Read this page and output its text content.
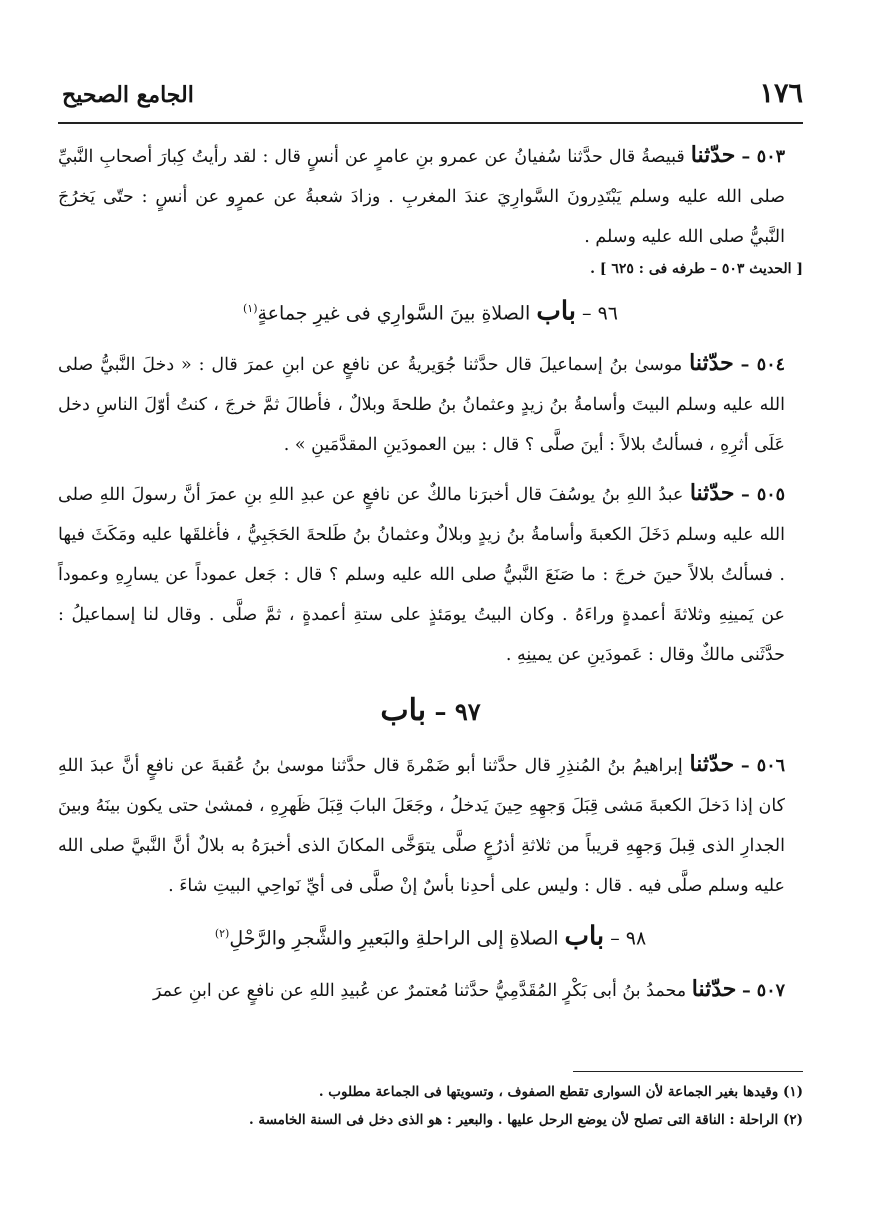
١٧٦
الجامع الصحيح

٥٠٣ – حدّثنا قبيصةُ قال حدَّثنا سُفيانُ عن عمرو بنِ عامرٍ عن أنسٍ قال : لقد رأيتُ كِبارَ أصحابِ النَّبيِّ صلى الله عليه وسلم يَبْتَدِرونَ السَّوارِيَ عندَ المغربِ . وزادَ شعبةُ عن عمرٍو عن أنسٍ : حتّى يَخرُجَ النَّبيُّ صلى الله عليه وسلم .

[ الحديث ٥٠٣ – طرفه فى : ٦٢٥ ] .

٩٦ – باب الصلاةِ بينَ السَّوارِي فى غيرِ جماعةٍ$^{(١)}$

٥٠٤ – حدّثنا موسىٰ بنُ إسماعيلَ قال حدَّثنا جُوَيريةُ عن نافعٍ عن ابنِ عمرَ قال : « دخلَ النَّبيُّ صلى الله عليه وسلم البيتَ وأسامةُ بنُ زيدٍ وعثمانُ بنُ طلحةَ وبلالٌ ، فأطالَ ثمَّ خرجَ ، كنتُ أوّلَ الناسِ دخل عَلَى أثرِهِ ، فسألتُ بلالاً : أينَ صلَّى ؟ قال : بين العمودَينِ المقدَّمَينِ » .

٥٠٥ – حدّثنا عبدُ اللهِ بنُ يوسُفَ قال أخبرَنا مالكٌ عن نافعٍ عن عبدِ اللهِ بنِ عمرَ أنَّ رسولَ اللهِ صلى الله عليه وسلم دَخَلَ الكعبةَ وأسامةُ بنُ زيدٍ وبلالٌ وعثمانُ بنُ طَلحةَ الحَجَبِيُّ ، فأغلقَها عليه ومَكَثَ فيها . فسألتُ بلالاً حينَ خرجَ : ما صَنَعَ النَّبيُّ صلى الله عليه وسلم ؟ قال : جَعل عموداً عن يسارِهِ وعموداً عن يَمينِهِ وثلاثةَ أعمدةٍ وراءَهُ . وكان البيتُ يومَئذٍ على ستةِ أعمدةٍ ، ثمَّ صلَّى . وقال لنا إسماعيلُ : حدَّثَنى مالكٌ وقال : عَمودَينِ عن يمينِهِ .

٩٧ – باب

٥٠٦ – حدّثنا إبراهيمُ بنُ المُنذِرِ قال حدَّثنا أبو ضَمْرةَ قال حدَّثنا موسىٰ بنُ عُقبةَ عن نافعٍ أنَّ عبدَ اللهِ كان إذا دَخلَ الكعبةَ مَشى قِبَلَ وَجهِهِ حِينَ يَدخلُ ، وجَعَلَ البابَ قِبَلَ ظَهرِهِ ، فمشىٰ حتى يكون بينَهُ وبينَ الجدارِ الذى قِبلَ وَجهِهِ قريباً من ثلاثةِ أذرُعٍ صلَّى يتوَخَّى المكانَ الذى أخبرَهُ به بلالٌ أنَّ النَّبيَّ صلى الله عليه وسلم صلَّى فيه . قال : وليس على أحدِنا بأسٌ إنْ صلَّى فى أيِّ نَواحِي البيتِ شاءَ .

٩٨ – باب الصلاةِ إلى الراحلةِ والبَعيرِ والشَّجرِ والرَّحْلِ$^{(٢)}$

٥٠٧ – حدّثنا محمدُ بنُ أبى بَكْرٍ المُقَدَّمِيُّ حدَّثنا مُعتمرٌ عن عُبيدِ اللهِ عن نافعٍ عن ابنِ عمرَ

(١) وقيدها بغير الجماعة لأن السوارى تقطع الصفوف ، وتسويتها فى الجماعة مطلوب .

(٢) الراحلة : الناقة التى تصلح لأن يوضع الرحل عليها . والبعير : هو الذى دخل فى السنة الخامسة .
